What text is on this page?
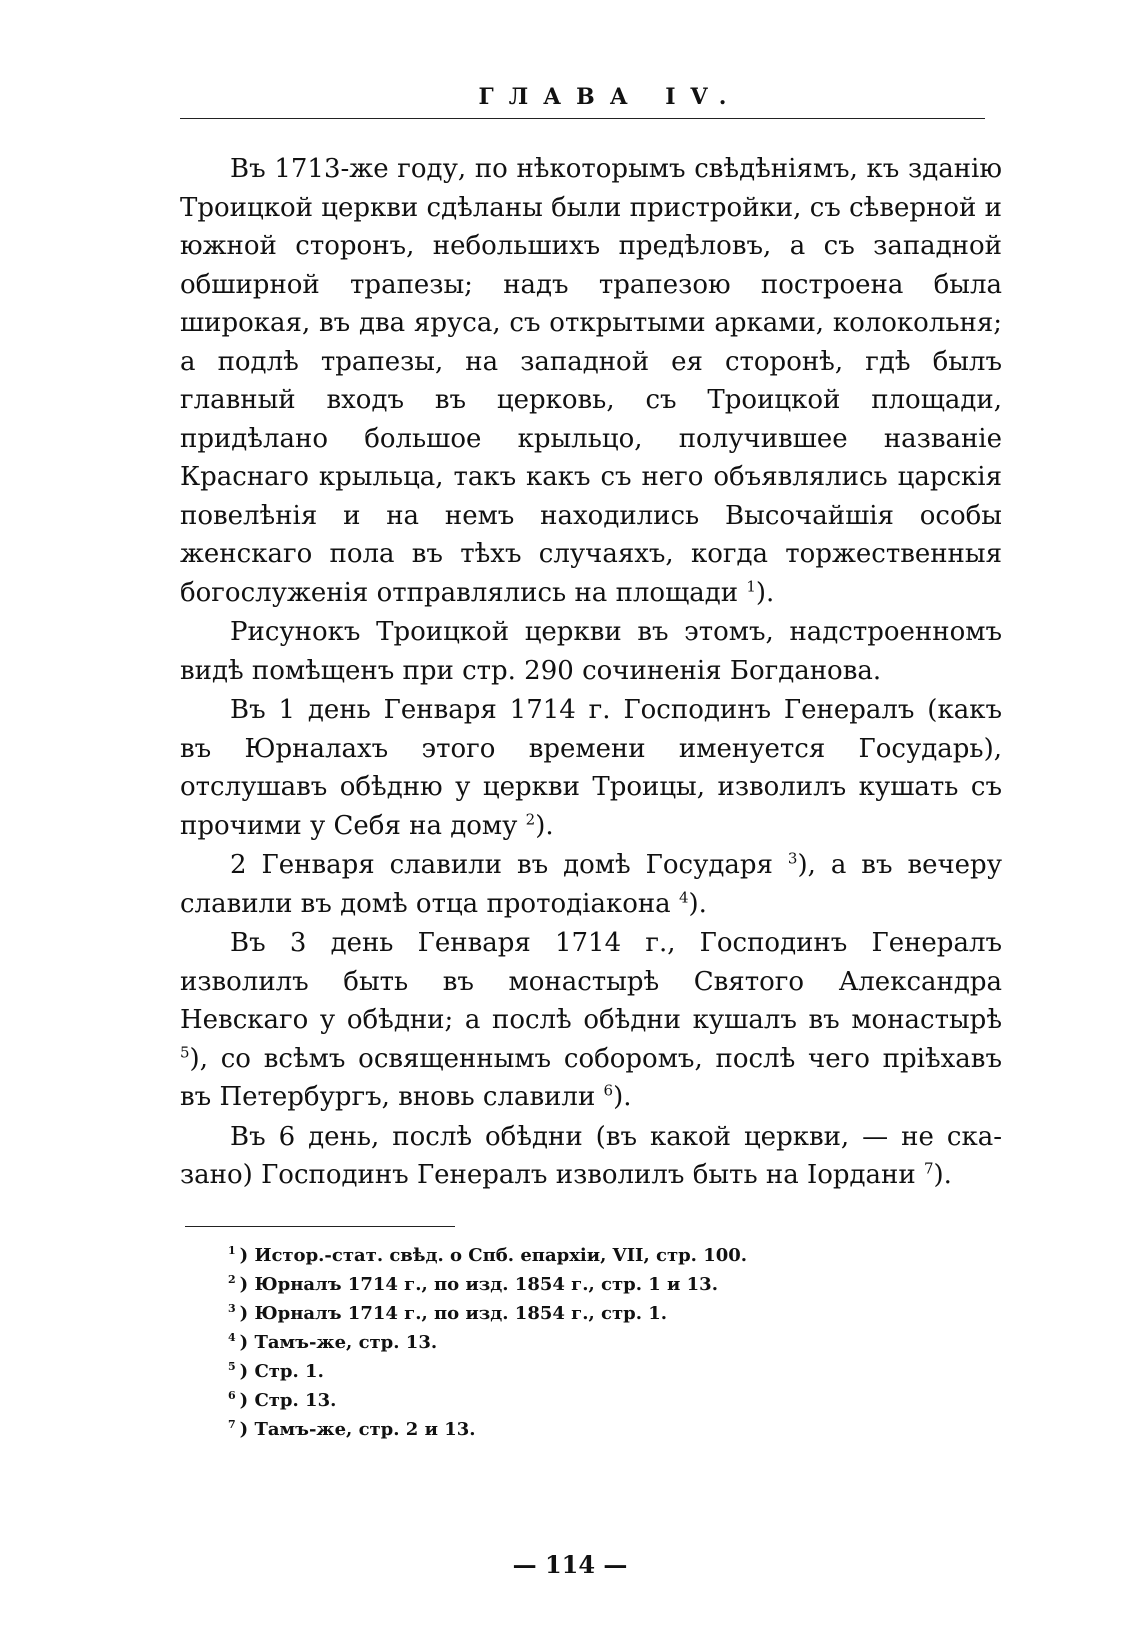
ГЛАВА IV.

Въ 1713-же году, по нѣкоторымъ свѣдѣніямъ, къ зданію Троицкой церкви сдѣланы были пристройки, съ сѣверной и южной сторонъ, небольшихъ предѣловъ, а съ западной обширной трапезы; надъ трапезою построена была широкая, въ два яруса, съ открытыми арками, колокольня; а подлѣ трапезы, на западной ея сторонѣ, гдѣ былъ главный входъ въ церковь, съ Троицкой площади, придѣлано большое крыльцо, получившее названіе Краснаго крыльца, такъ какъ съ него объявлялись царскія повелѣнія и на немъ находились Высочайшія особы женскаго пола въ тѣхъ случаяхъ, когда торжественныя богослуженія отправлялись на площади $^1$).

Рисунокъ Троицкой церкви въ этомъ, надстроенномъ видѣ помѣщенъ при стр. 290 сочиненія Богданова.

Въ 1 день Генваря 1714 г. Господинъ Генералъ (какъ въ Юрналахъ этого времени именуется Государь), отслушавъ обѣдню у церкви Троицы, изволилъ кушать съ прочими у Себя на дому $^2$).

2 Генваря славили въ домѣ Государя $^3$), а въ вечеру славили въ домѣ отца протодіакона $^4$).

Въ 3 день Генваря 1714 г., Господинъ Генералъ изволилъ быть въ монастырѣ Святого Александра Невскаго у обѣдни; а послѣ обѣдни кушалъ въ монастырѣ $^5$), со всѣмъ освященнымъ соборомъ, послѣ чего пріѣхавъ въ Петербургъ, вновь славили $^6$).

Въ 6 день, послѣ обѣдни (въ какой церкви, — не сказано) Господинъ Генералъ изволилъ быть на Іордани $^7$).

$^1$ ) Истор.-стат. свѣд. о Спб. епархіи, VII, стр. 100.
$^2$ ) Юрналъ 1714 г., по изд. 1854 г., стр. 1 и 13.
$^3$ ) Юрналъ 1714 г., по изд. 1854 г., стр. 1.
$^4$ ) Тамъ-же, стр. 13.
$^5$ ) Стр. 1.
$^6$ ) Стр. 13.
$^7$ ) Тамъ-же, стр. 2 и 13.
— 114 —
